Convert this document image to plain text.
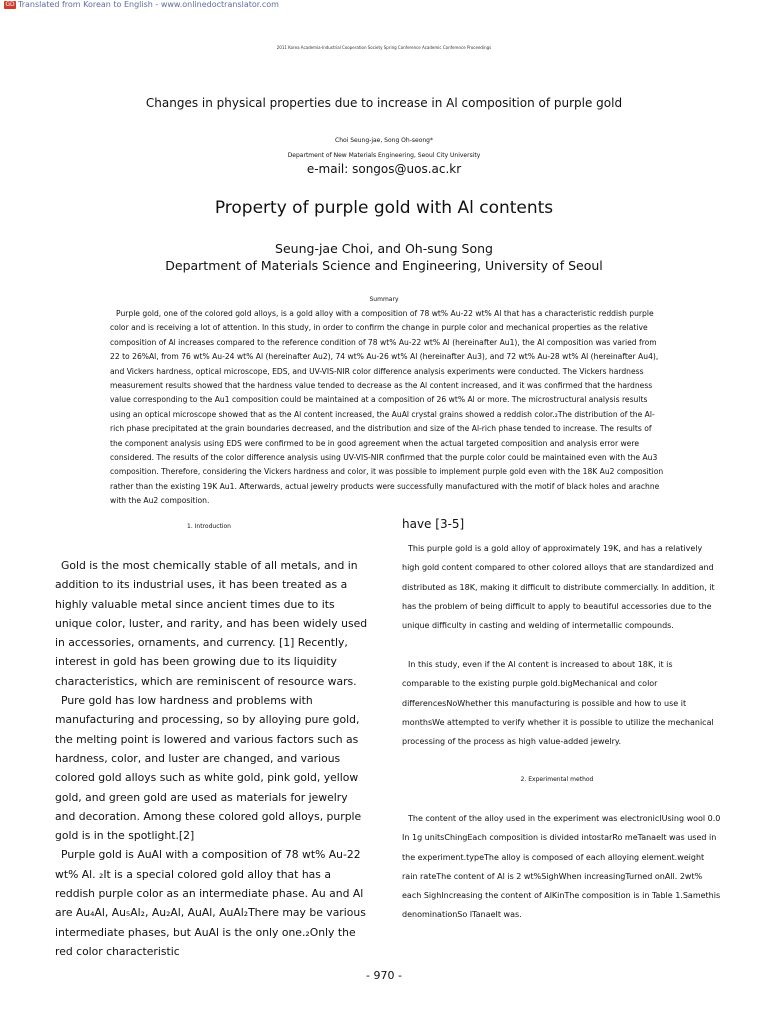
GD Translated from Korean to English - www.onlinedoctranslator.com
2011 Korea Academia-Industrial Cooperation Society Spring Conference Academic Conference Proceedings
Changes in physical properties due to increase in Al composition of purple gold
Choi Seung-jae, Song Oh-seong*
Department of New Materials Engineering, Seoul City University
e-mail: songos@uos.ac.kr
Property of purple gold with Al contents
Seung-jae Choi, and Oh-sung Song
Department of Materials Science and Engineering, University of Seoul
Summary
Purple gold, one of the colored gold alloys, is a gold alloy with a composition of 78 wt% Au-22 wt% Al that has a characteristic reddish purple color and is receiving a lot of attention. In this study, in order to confirm the change in purple color and mechanical properties as the relative composition of Al increases compared to the reference condition of 78 wt% Au-22 wt% Al (hereinafter Au1), the Al composition was varied from 22 to 26%Al, from 76 wt% Au-24 wt% Al (hereinafter Au2), 74 wt% Au-26 wt% Al (hereinafter Au3), and 72 wt% Au-28 wt% Al (hereinafter Au4), and Vickers hardness, optical microscope, EDS, and UV-VIS-NIR color difference analysis experiments were conducted. The Vickers hardness measurement results showed that the hardness value tended to decrease as the Al content increased, and it was confirmed that the hardness value corresponding to the Au1 composition could be maintained at a composition of 26 wt% Al or more. The microstructural analysis results using an optical microscope showed that as the Al content increased, the AuAl crystal grains showed a reddish color.₂The distribution of the Al-rich phase precipitated at the grain boundaries decreased, and the distribution and size of the Al-rich phase tended to increase. The results of the component analysis using EDS were confirmed to be in good agreement when the actual targeted composition and analysis error were considered. The results of the color difference analysis using UV-VIS-NIR confirmed that the purple color could be maintained even with the Au3 composition. Therefore, considering the Vickers hardness and color, it was possible to implement purple gold even with the 18K Au2 composition rather than the existing 19K Au1. Afterwards, actual jewelry products were successfully manufactured with the motif of black holes and arachne with the Au2 composition.
1. Introduction

Gold is the most chemically stable of all metals, and in addition to its industrial uses, it has been treated as a highly valuable metal since ancient times due to its unique color, luster, and rarity, and has been widely used in accessories, ornaments, and currency. [1] Recently, interest in gold has been growing due to its liquidity characteristics, which are reminiscent of resource wars.

Pure gold has low hardness and problems with manufacturing and processing, so by alloying pure gold, the melting point is lowered and various factors such as hardness, color, and luster are changed, and various colored gold alloys such as white gold, pink gold, yellow gold, and green gold are used as materials for jewelry and decoration. Among these colored gold alloys, purple gold is in the spotlight.[2]

Purple gold is AuAl with a composition of 78 wt% Au-22 wt% Al. ₂It is a special colored gold alloy that has a reddish purple color as an intermediate phase. Au and Al are Au₄Al, Au₅Al₂, Au₂Al, AuAl, AuAl₂There may be various intermediate phases, but AuAl is the only one.₂Only the red color characteristic

have [3-5]
This purple gold is a gold alloy of approximately 19K, and has a relatively high gold content compared to other colored alloys that are standardized and distributed as 18K, making it difficult to distribute commercially. In addition, it has the problem of being difficult to apply to beautiful accessories due to the unique difficulty in casting and welding of intermetallic compounds.
In this study, even if the Al content is increased to about 18K, it is comparable to the existing purple gold.bigMechanical and color differencesNoWhether this manufacturing is possible and how to use it monthsWe attempted to verify whether it is possible to utilize the mechanical processing of the process as high value-added jewelry.
2. Experimental method
The content of the alloy used in the experiment was electronicIUsing wool 0.0 In 1g unitsChingEach composition is divided intostarRo meTanaeIt was used in the experiment.typeThe alloy is composed of each alloying element.weight rain rateThe content of Al is 2 wt%SighWhen increasingTurned onAll. 2wt% each SighIncreasing the content of AlKinThe composition is in Table 1.Samethis denominationSo ITanaeIt was.
- 970 -
